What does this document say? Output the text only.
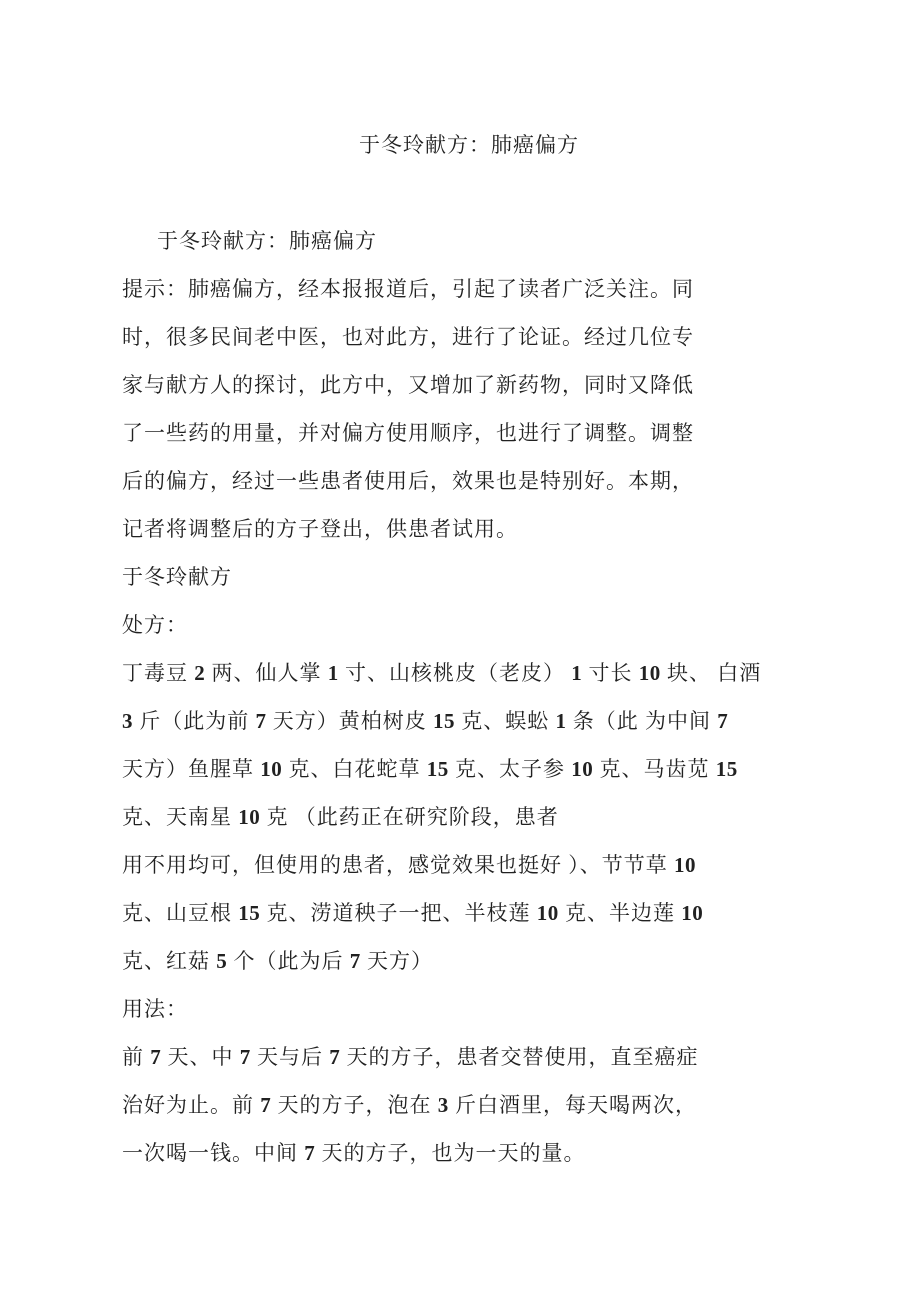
于冬玲献方：肺癌偏方
于冬玲献方：肺癌偏方
提示：肺癌偏方，经本报报道后，引起了读者广泛关注。同
时，很多民间老中医，也对此方，进行了论证。经过几位专
家与献方人的探讨，此方中，又增加了新药物，同时又降低
了一些药的用量，并对偏方使用顺序，也进行了调整。调整
后的偏方，经过一些患者使用后，效果也是特别好。本期，
记者将调整后的方子登出，供患者试用。
于冬玲献方
处方：
丁毒豆 2 两、仙人掌 1 寸、山核桃皮（老皮） 1 寸长 10 块、 白酒
3 斤（此为前 7 天方）黄柏树皮 15 克、蜈蚣 1 条（此 为中间 7
天方）鱼腥草 10 克、白花蛇草 15 克、太子参 10 克、马齿苋 15
克、天南星 10 克 （此药正在研究阶段，患者
用不用均可，但使用的患者，感觉效果也挺好 ）、节节草 10
克、山豆根 15 克、涝道秧子一把、半枝莲 10 克、半边莲 10
克、红菇 5 个（此为后 7 天方）
用法：
前 7 天、中 7 天与后 7 天的方子，患者交替使用，直至癌症
治好为止。前 7 天的方子，泡在 3 斤白酒里，每天喝两次，
一次喝一钱。中间 7 天的方子，也为一天的量。
